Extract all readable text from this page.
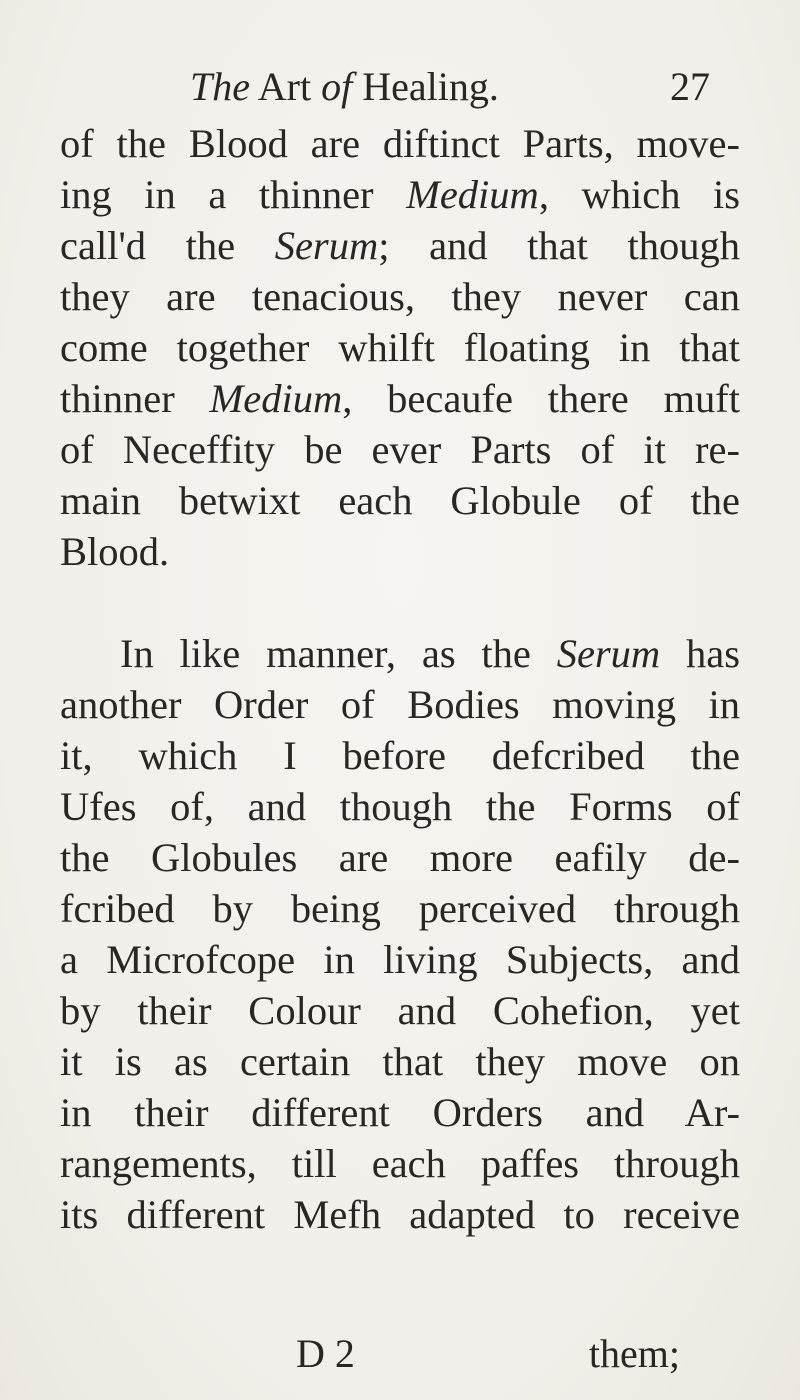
The Art of Healing.	27
of the Blood are diftinct Parts, move-
ing in a thinner Medium, which is
call'd the Serum; and that though
they are tenacious, they never can
come together whilft floating in that
thinner Medium, becaufe there muft
of Neceffity be ever Parts of it re-
main betwixt each Globule of the
Blood.
In like manner, as the Serum has
another Order of Bodies moving in
it, which I before defcribed the
Ufes of, and though the Forms of
the Globules are more eafily de-
fcribed by being perceived through
a Microfcope in living Subjects, and
by their Colour and Cohefion, yet
it is as certain that they move on
in their different Orders and Ar-
rangements, till each paffes through
its different Mefh adapted to receive
D 2	them;
